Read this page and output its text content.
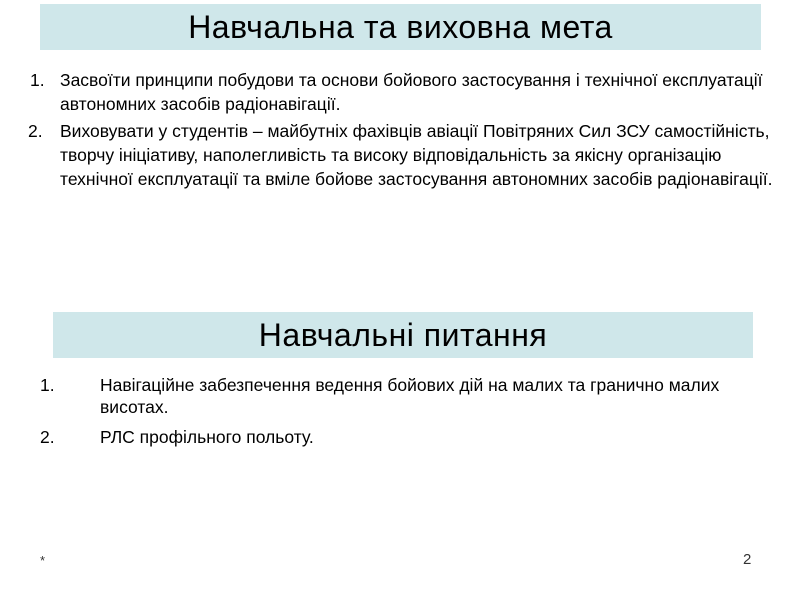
Навчальна та виховна мета
1. Засвоїти принципи побудови та основи бойового застосування і технічної експлуатації автономних засобів радіонавігації.
2. Виховувати у студентів – майбутніх фахівців авіації Повітряних Сил ЗСУ самостійність, творчу ініціативу, наполегливість та високу відповідальність за якісну організацію технічної експлуатації та вміле бойове застосування автономних засобів радіонавігації.
Навчальні питання
1.	Навігаційне забезпечення ведення бойових дій на малих та гранично малих висотах.
2.	РЛС профільного польоту.
*	2
